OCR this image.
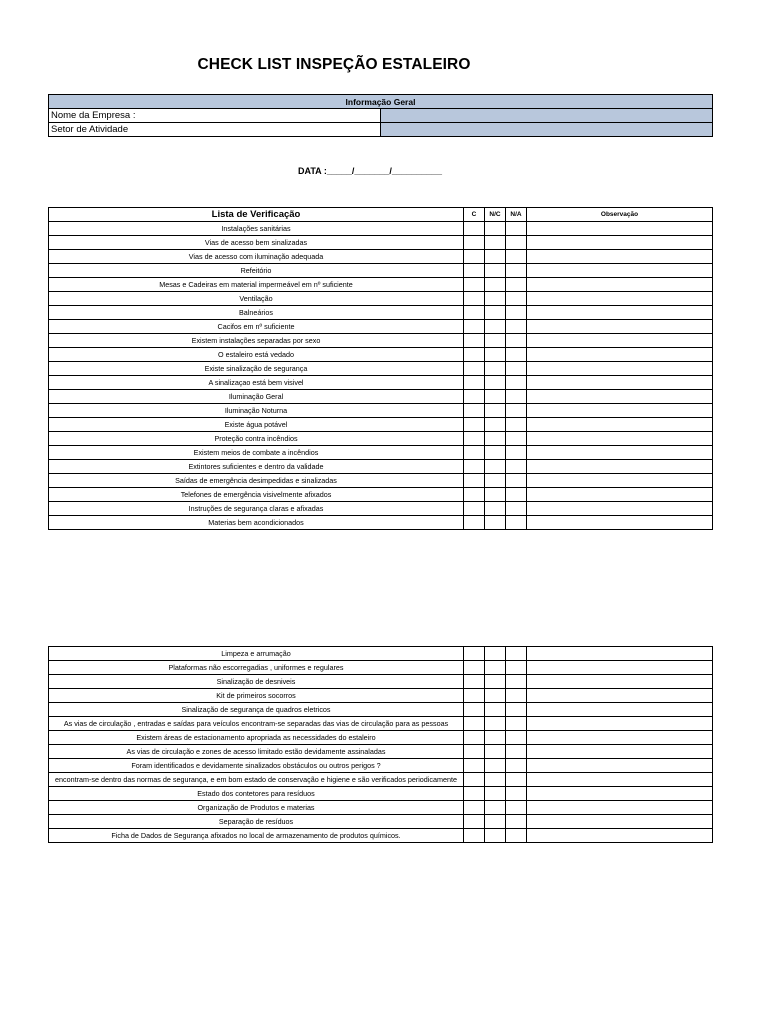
CHECK LIST INSPEÇÃO ESTALEIRO
Informação Geral	
Nome da Empresa :	
Setor de Atividade	
DATA :_____/_______/__________
Lista de Verificação	C	N/C	N/A	Observação
Instalações sanitárias				
Vias de acesso bem sinalizadas				
Vias de acesso com iluminação adequada				
Refeitório				
Mesas e Cadeiras em material impermeável em nº suficiente				
Ventilação				
Balneários				
Cacifos em nº suficiente				
Existem instalações separadas por sexo				
O estaleiro está vedado				
Existe sinalização de segurança				
A sinalizaçao está bem visivel				
Iluminação Geral				
Iluminação Noturna				
Existe água potável				
Proteção contra incêndios				
Existem meios de combate a incêndios				
Extintores suficientes e dentro da validade				
Saídas de emergência desimpedidas e sinalizadas				
Telefones de emergência visivelmente afixados				
Instruções de segurança claras e afixadas				
Materias bem acondicionados				
Limpeza e arrumação				
Plataformas não escorregadias , uniformes e regulares				
Sinalização de desniveis				
Kit de primeiros socorros				
Sinalização de segurança de quadros eletricos				
As vias de circulação , entradas e saídas para veículos encontram-se separadas das vias de circulação para as pessoas				
Existem áreas de estacionamento apropriada as necessidades do estaleiro				
As vias de circulação e zones de acesso limitado estão devidamente assinaladas				
Foram identificados e devidamente sinalizados obstáculos ou outros perigos ?				
encontram-se dentro das normas de segurança, e em bom estado de conservação e higiene e são verificados periodicamente				
Estado dos contetores para resíduos				
Organização de Produtos e materias				
Separação de resíduos				
Ficha de Dados de Segurança afixados no local de armazenamento de produtos químicos.				
